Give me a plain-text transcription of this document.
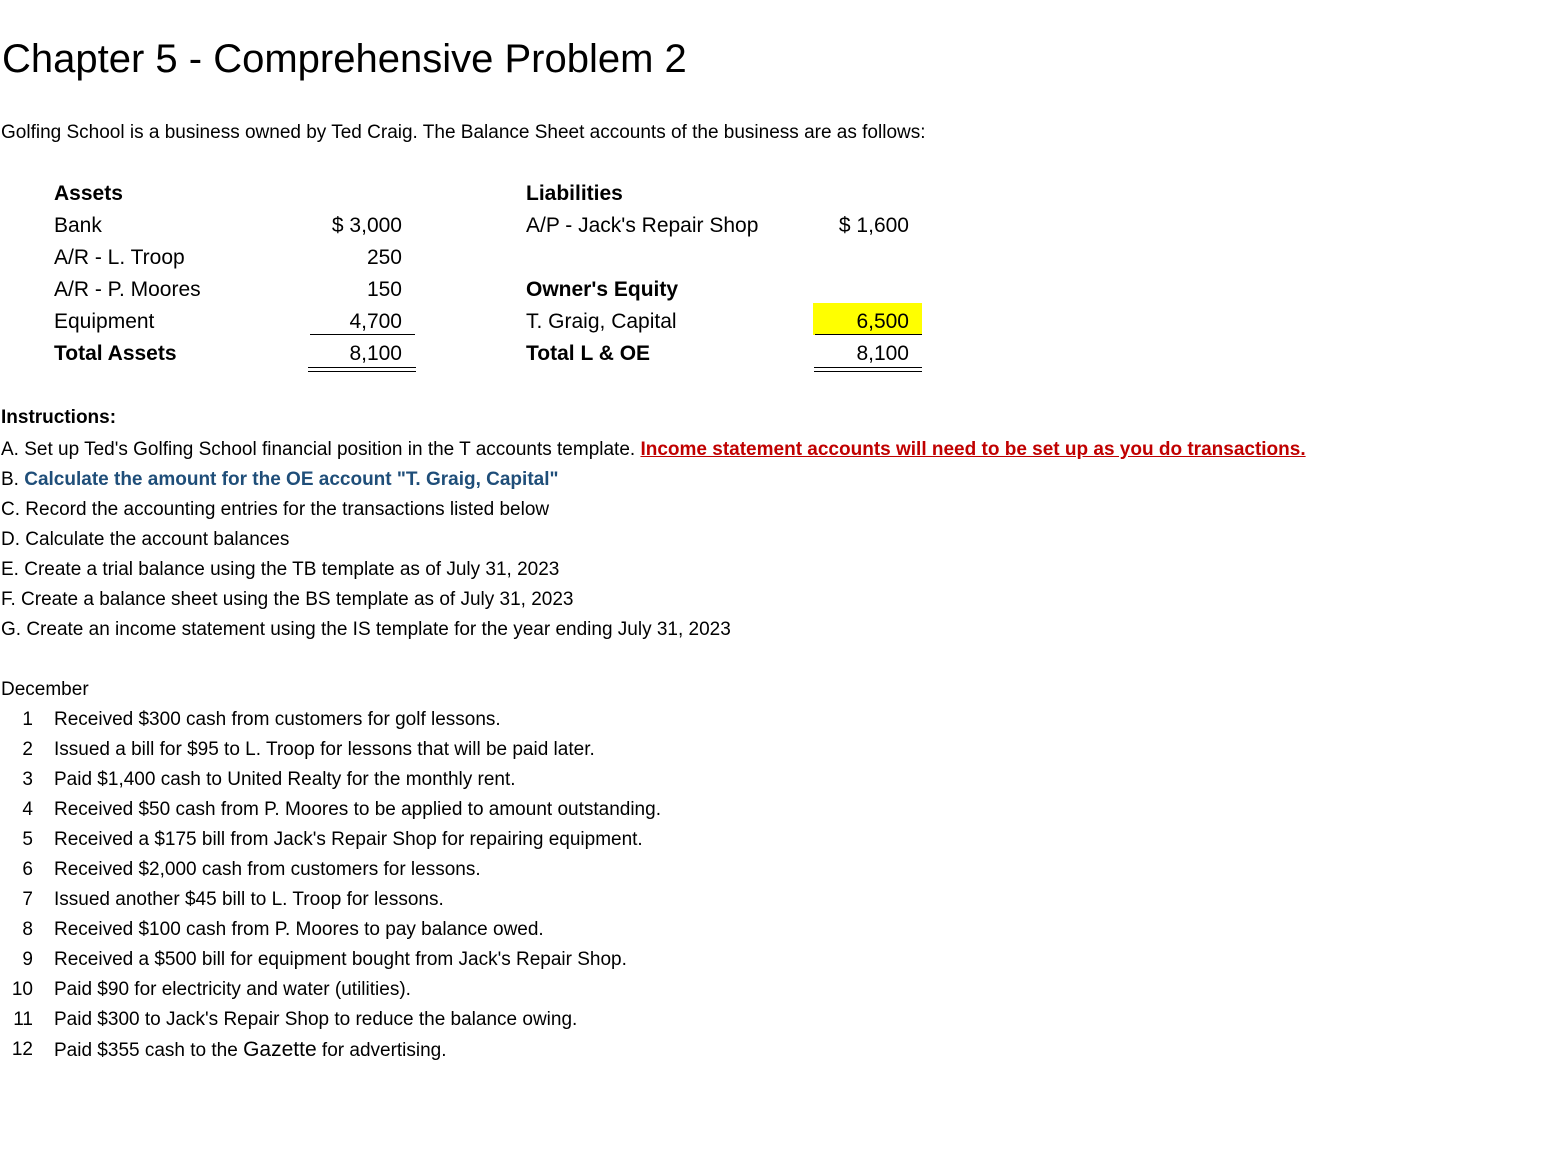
Chapter 5 - Comprehensive Problem 2
Golfing School is a business owned by Ted Craig. The Balance Sheet accounts of the business are as follows:
Assets
Bank	$ 3,000
A/R - L. Troop	250
A/R - P. Moores	150
Equipment	4,700
Total Assets	8,100
Liabilities
A/P - Jack's Repair Shop	$ 1,600
Owner's Equity
T. Graig, Capital	6,500
Total L & OE	8,100
Instructions:
A. Set up Ted's Golfing School financial position in the T accounts template. Income statement accounts will need to be set up as you do transactions.
B. Calculate the amount for the OE account "T. Graig, Capital"
C. Record the accounting entries for the transactions listed below
D. Calculate the account balances
E. Create a trial balance using the TB template as of July 31, 2023
F. Create a balance sheet using the BS template as of July 31, 2023
G. Create an income statement using the IS template for the year ending July 31, 2023
December
1 Received $300 cash from customers for golf lessons.
2 Issued a bill for $95 to L. Troop for lessons that will be paid later.
3 Paid $1,400 cash to United Realty for the monthly rent.
4 Received $50 cash from P. Moores to be applied to amount outstanding.
5 Received a $175 bill from Jack's Repair Shop for repairing equipment.
6 Received $2,000 cash from customers for lessons.
7 Issued another $45 bill to L. Troop for lessons.
8 Received $100 cash from P. Moores to pay balance owed.
9 Received a $500 bill for equipment bought from Jack's Repair Shop.
10 Paid $90 for electricity and water (utilities).
11 Paid $300 to Jack's Repair Shop to reduce the balance owing.
12 Paid $355 cash to the Gazette for advertising.
